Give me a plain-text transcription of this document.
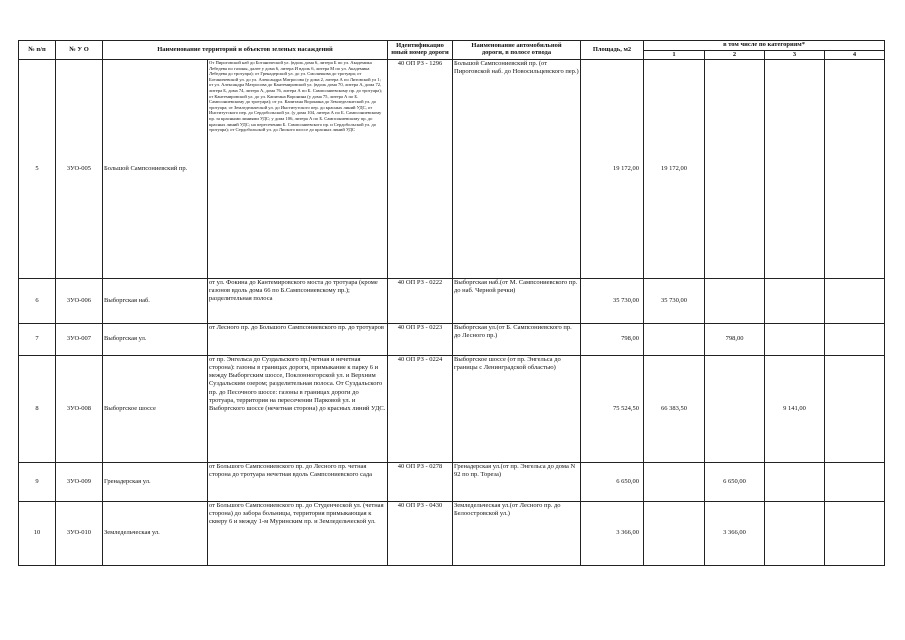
№ п/п	№ У О	Наименование территорий и объектов зеленых насаждений		Идентификацио
нный номер дороги	Наименование автомобильной
дороги, в полосе отвода	Площадь, м2	в том числе по категориям*			
							1	2	3	4
5	3УО-005	Большой Сампсониевский пр.	От Пироговской наб до Ботанической ул. (вдоль дома 6, литера Б по ул. Академика Лебедева по газоны, далее у дома 6, литера И вдоль 6, литера М по ул. Академика Лебедева до тротуара); от Гренадерской ул. до ул. Смолячкова до тротуара; от Ботаничевской ул. до ул. Александра Матросова (у дома 2, литера А по Литовской ул 1; от ул. Александра Матросова до Кантемировской ул. (вдоль дома 70, литера А, домa 72, литера Б, дома 74, литера А, дома 76, литера А по Б. Сампсониевскому пр. до тротуара); от Кантемировской ул. до ул. Капитана Воронина (у дома 75, литера А по Б. Сампсониевскому до тротуара); от ул. Капитана Воронина до Земледельческой ул. до тротуара; от Земледельческой ул. до Институтского пер. до красных линий УДС, от Институтского пер. до Сердобольской ул. (у дома 104, литера А по Б. Сампсониевскому пр. за красными линиями УДС; у дома 106, литера А по Б. Сампсониевскому пр. до красных линий УДС; на пересечении Б. Сампсониевского пр. и Сердобольской ул. до тротуара); от Сердобольской ул. до Лиского шоссе до красных линий УДС	40 ОП РЗ - 1296	Большой Сампсониевский пр. (от Пироговской наб. до Новосильцевского пер.)	19 172,00	19 172,00			
6	3УО-006	Выборгская наб.	от ул. Фокина до Кантемировского моста до тротуара (кроме газонов вдоль дома 66 по Б.Сампсониевскому пр.); разделительная полоса	40 ОП РЗ - 0222	Выборгская наб.(от М. Сампсониевского пр. до наб. Черной речки)	35 730,00	35 730,00			
7	3УО-007	Выборгская ул.	от Лесного пр. до Большого Сампсониевского пр. до тротуаров	40 ОП РЗ - 0223	Выборгская ул.(от Б. Сампсониевского пр. до Лесного пр.)	798,00		798,00		
8	3УО-008	Выборгское шоссе	от пр. Энгельса до Суздальского пр.(четная и нечетная сторона): газоны в границах дороги, примыкание к парку 6 и между Выборгским шоссе, Поклонногорской ул. и Верхним Суздальским озером; разделительная полоса. От Суздальского пр. до Песочного шоссе: газоны в границах дороги до тротуара, территория на пересечении Парковой ул. и Выборгского шоссе (нечетная сторона) до красных линий УДС.	40 ОП РЗ - 0224	Выборгское шоссе (от пр. Энгельса до границы с Ленинградской областью)	75 524,50	66 383,50		9 141,00	
9	3УО-009	Гренадерская ул.	от Большого Сампсониевского пр. до Лесного пр. четная сторона до тротуара нечетная вдоль Сампсониевского сада	40 ОП РЗ - 0278	Гренадерская ул.(от пр. Энгельса до дома N 92 по пр. Тореза)	6 650,00		6 650,00		
10	3УО-010	Земледельческая ул.	от Большого Сампсониевского пр. до Студенческой ул. (четная сторона) до забора больницы, территория примыкающая к скверу 6 и между 1-м Муринским пр. и Земледельческой ул.	40 ОП РЗ - 0430	Земледельческая ул.(от Лесного пр. до Белоостровской ул.)	3 366,00		3 366,00		
